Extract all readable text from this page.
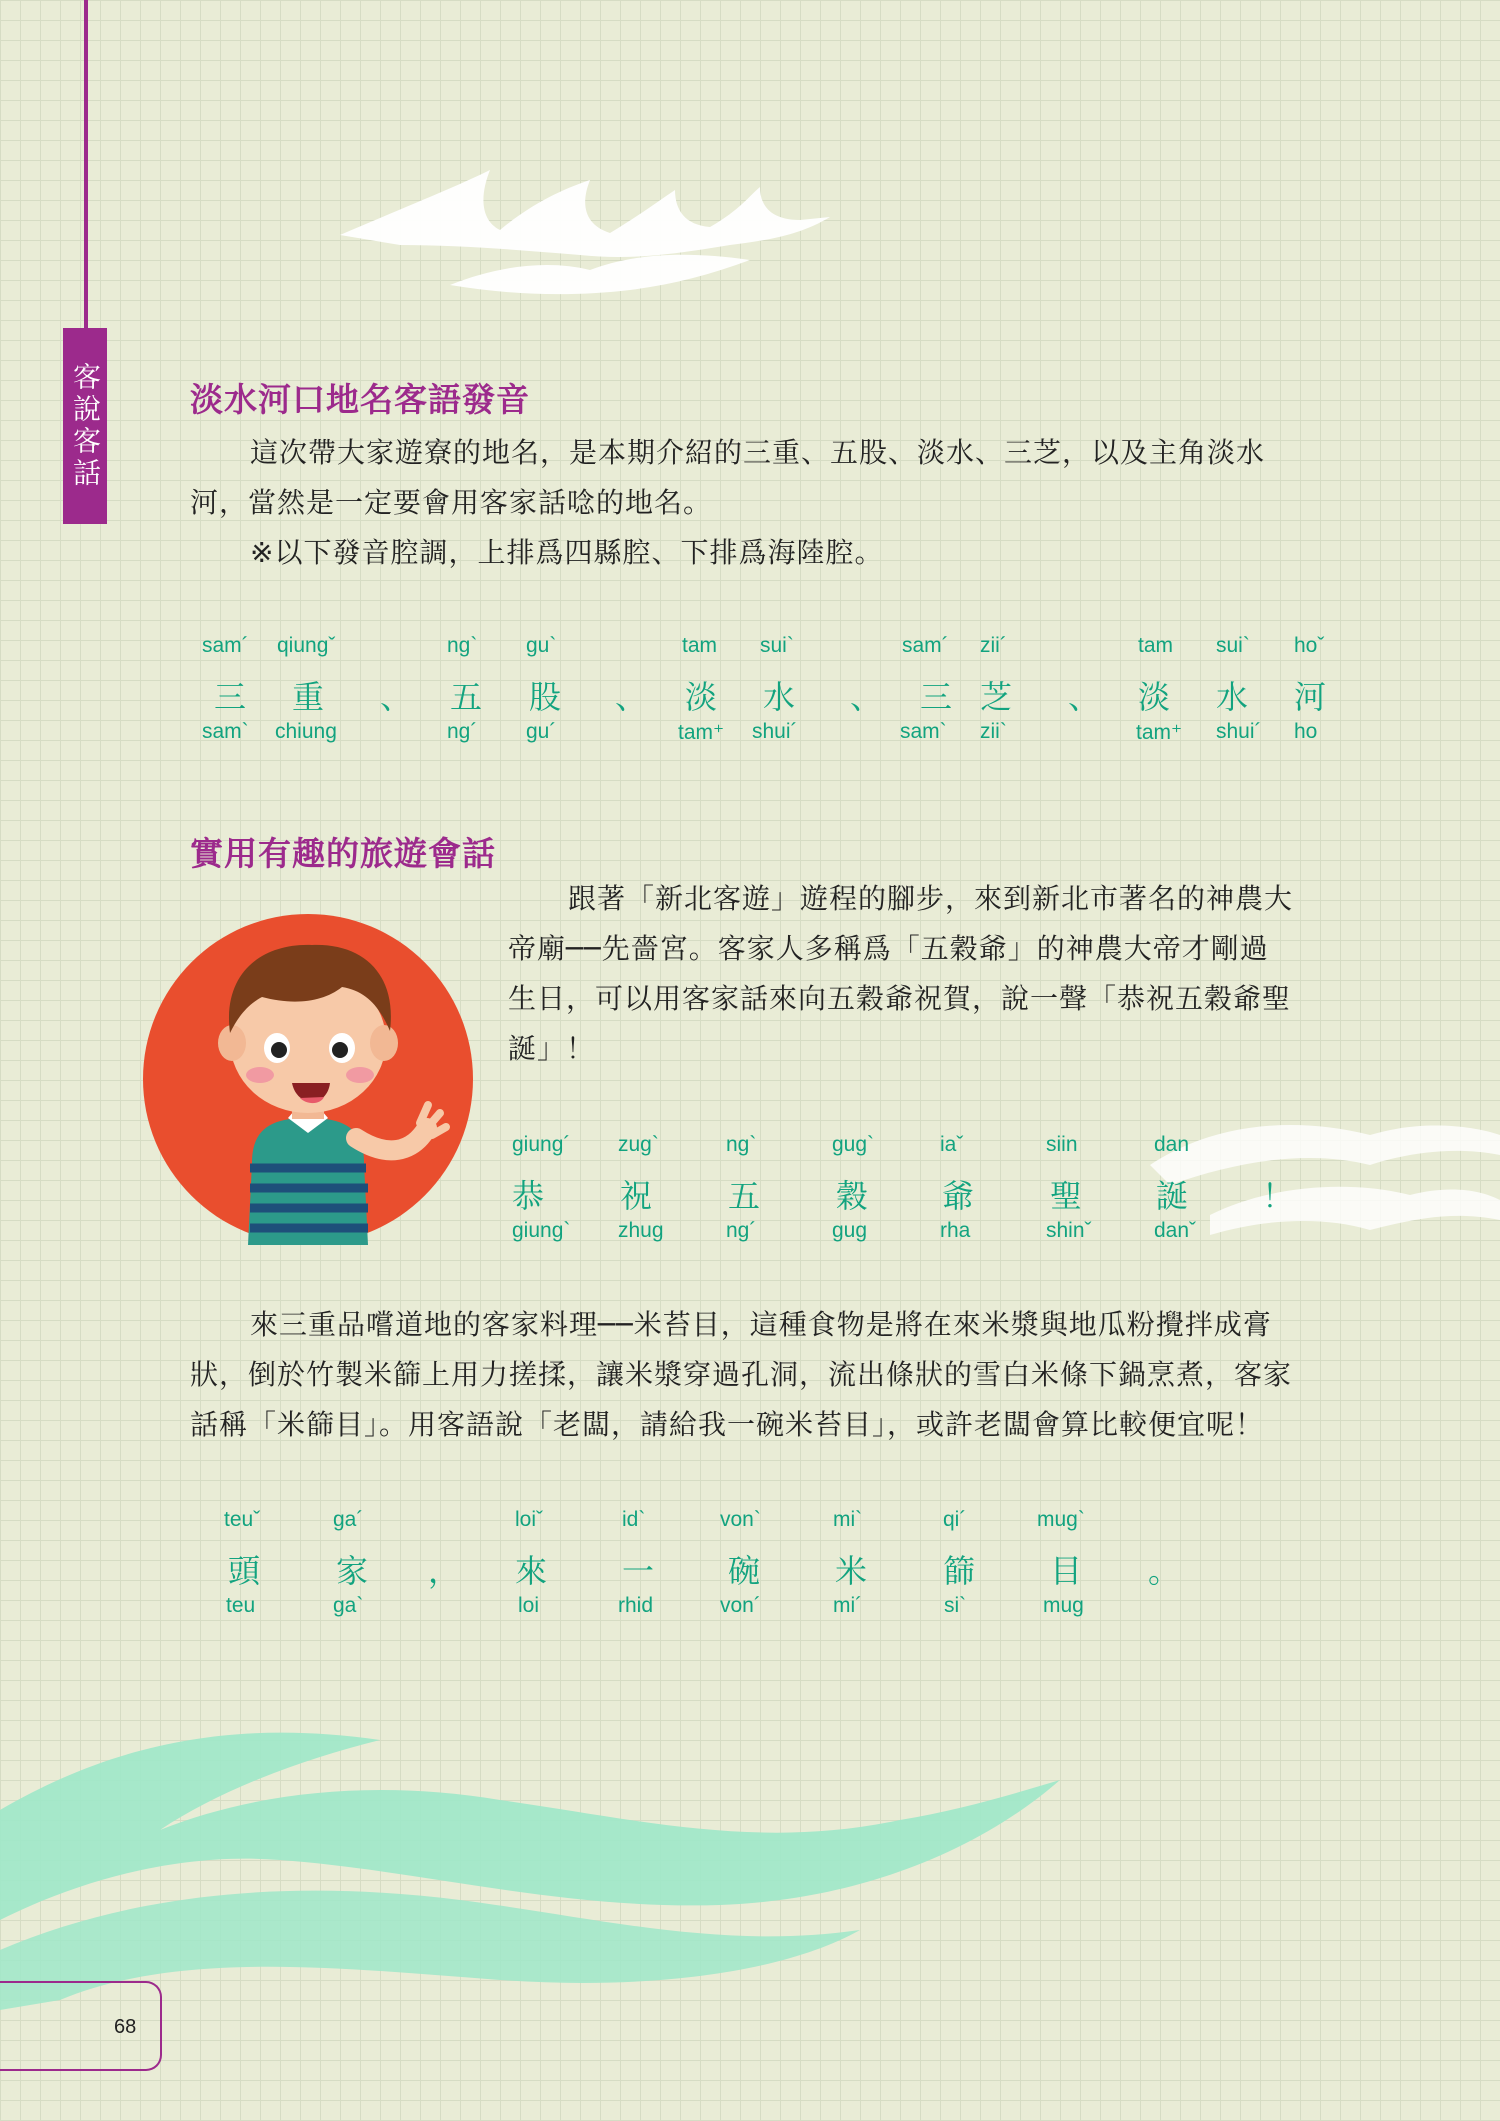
客說客話	淡水河口地名客語發音

這次帶大家遊寮的地名，是本期介紹的三重、五股、淡水、三芝，以及主角淡水

河，當然是一定要會用客家話唸的地名。

※以下發音腔調，上排爲四縣腔、下排爲海陸腔。

sam´ qiungˇ	ng` gu`	tam sui`	sam´ zii´	tam sui` hoˇ
三 重 、 五 股 、 淡 水 、 三 芝 、 淡 水 河
sam` chiung	ng´ gu´	tam⁺ shui´	sam` zii`	tam⁺ shui´ ho
實用有趣的旅遊會話

跟著「新北客遊」遊程的腳步，來到新北市著名的神農大

帝廟──先嗇宮。客家人多稱爲「五穀爺」的神農大帝才剛過

生日，可以用客家話來向五穀爺祝賀，說一聲「恭祝五穀爺聖

誕」！

giung´ zug`	ng`	gug`	iaˇ	siin	dan
恭 祝 五 穀 爺 聖 誕 ！
giung` zhug	ng´	gug	rha	shinˇ	danˇ

來三重品嚐道地的客家料理──米苔目，這種食物是將在來米漿與地瓜粉攪拌成膏

狀，倒於竹製米篩上用力搓揉，讓米漿穿過孔洞，流出條狀的雪白米條下鍋烹煮，客家

話稱「米篩目」。用客語說「老闆，請給我一碗米苔目」，或許老闆會算比較便宜呢！

teuˇ	ga´	loiˇ	id`	von`	mi`	qi´	mug`
頭 家 ， 來 一 碗 米 篩 目 。
teu	ga`	loi	rhid	von´	mi´	si`	mug
68
